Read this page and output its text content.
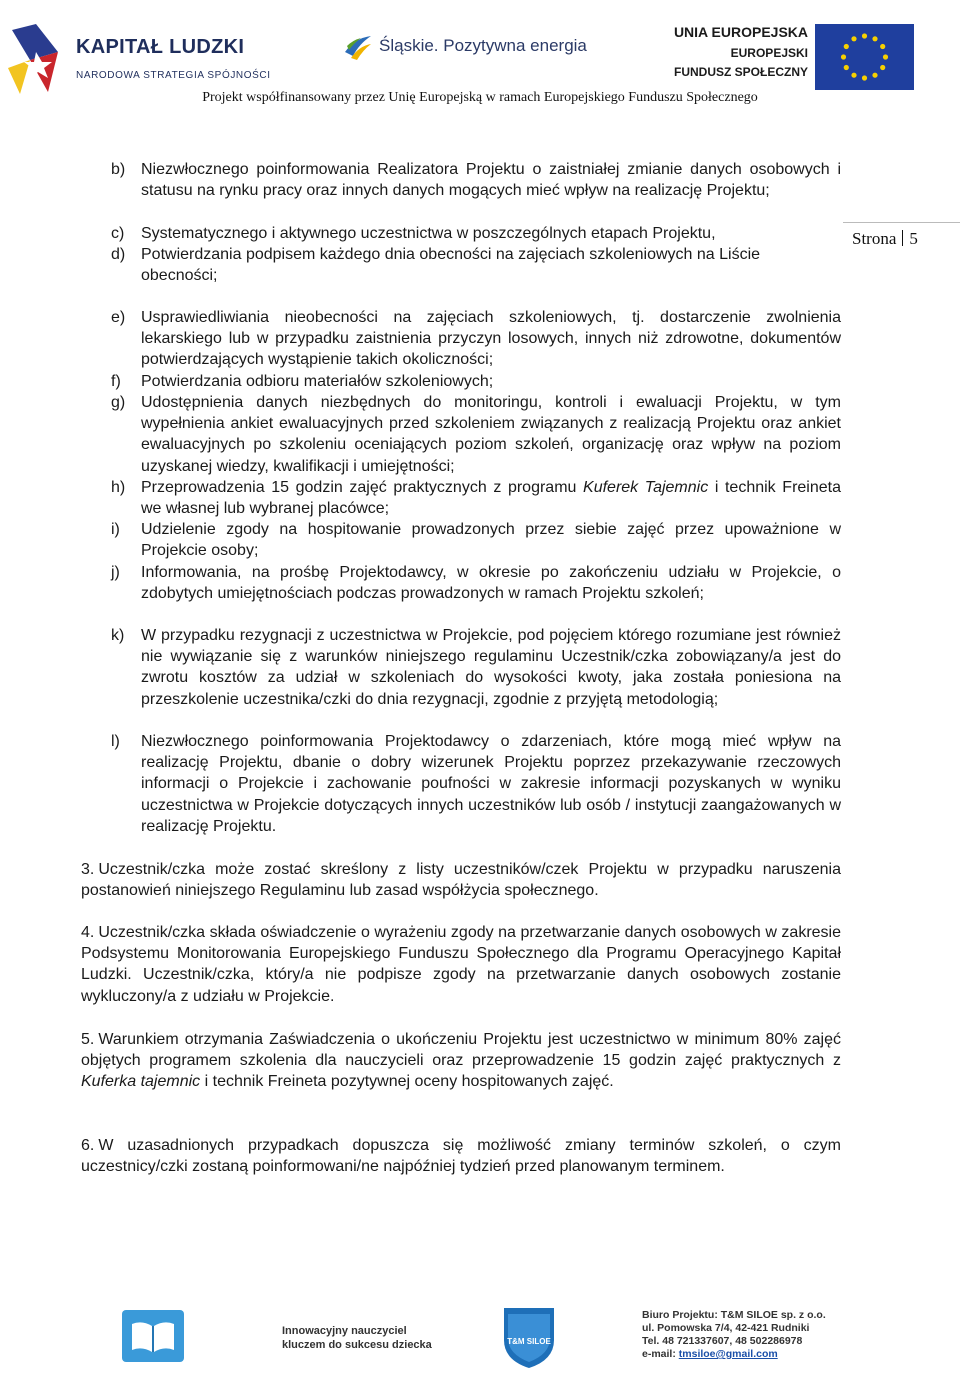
KAPITAŁ LUDZKI
NARODOWA STRATEGIA SPÓJNOŚCI
Śląskie. Pozytywna energia
UNIA EUROPEJSKA
EUROPEJSKI
FUNDUSZ SPOŁECZNY
Projekt współfinansowany przez Unię Europejską w ramach Europejskiego Funduszu Społecznego
Strona 5
b) Niezwłocznego poinformowania Realizatora Projektu o zaistniałej zmianie danych osobowych i statusu na rynku pracy oraz innych danych mogących mieć wpływ na realizację Projektu;
c) Systematycznego i aktywnego uczestnictwa w poszczególnych etapach Projektu,
d) Potwierdzania podpisem każdego dnia obecności na zajęciach szkoleniowych na Liście obecności;
e) Usprawiedliwiania nieobecności na zajęciach szkoleniowych, tj. dostarczenie zwolnienia lekarskiego lub w przypadku zaistnienia przyczyn losowych, innych niż zdrowotne, dokumentów potwierdzających wystąpienie takich okoliczności;
f) Potwierdzania odbioru materiałów szkoleniowych;
g) Udostępnienia danych niezbędnych do monitoringu, kontroli i ewaluacji Projektu, w tym wypełnienia ankiet ewaluacyjnych przed szkoleniem związanych z realizacją Projektu oraz ankiet ewaluacyjnych po szkoleniu oceniających poziom szkoleń, organizację oraz wpływ na poziom uzyskanej wiedzy, kwalifikacji i umiejętności;
h) Przeprowadzenia 15 godzin zajęć praktycznych z programu Kuferek Tajemnic i technik Freineta we własnej lub wybranej placówce;
i) Udzielenie zgody na hospitowanie prowadzonych przez siebie zajęć przez upoważnione w Projekcie osoby;
j) Informowania, na prośbę Projektodawcy, w okresie po zakończeniu udziału w Projekcie, o zdobytych umiejętnościach podczas prowadzonych w ramach Projektu szkoleń;
k) W przypadku rezygnacji z uczestnictwa w Projekcie, pod pojęciem którego rozumiane jest również nie wywiązanie się z warunków niniejszego regulaminu Uczestnik/czka zobowiązany/a jest do zwrotu kosztów za udział w szkoleniach do wysokości kwoty, jaka została poniesiona na przeszkolenie uczestnika/czki do dnia rezygnacji, zgodnie z przyjętą metodologią;
l) Niezwłocznego poinformowania Projektodawcy o zdarzeniach, które mogą mieć wpływ na realizację Projektu, dbanie o dobry wizerunek Projektu poprzez przekazywanie rzeczowych informacji o Projekcie i zachowanie poufności w zakresie informacji pozyskanych w wyniku uczestnictwa w Projekcie dotyczących innych uczestników lub osób / instytucji zaangażowanych w realizację Projektu.
3. Uczestnik/czka może zostać skreślony z listy uczestników/czek Projektu w przypadku naruszenia postanowień niniejszego Regulaminu lub zasad współżycia społecznego.
4. Uczestnik/czka składa oświadczenie o wyrażeniu zgody na przetwarzanie danych osobowych w zakresie Podsystemu Monitorowania Europejskiego Funduszu Społecznego dla Programu Operacyjnego Kapitał Ludzki. Uczestnik/czka, który/a nie podpisze zgody na przetwarzanie danych osobowych zostanie wykluczony/a z udziału w Projekcie.
5. Warunkiem otrzymania Zaświadczenia o ukończeniu Projektu jest uczestnictwo w minimum 80% zajęć objętych programem szkolenia dla nauczycieli oraz przeprowadzenie 15 godzin zajęć praktycznych z Kuferka tajemnic i technik Freineta pozytywnej oceny hospitowanych zajęć.
6. W uzasadnionych przypadkach dopuszcza się możliwość zmiany terminów szkoleń, o czym uczestnicy/czki zostaną poinformowani/ne najpóźniej tydzień przed planowanym terminem.
Innowacyjny nauczyciel
kluczem do sukcesu dziecka	T&M SILOE
Biuro Projektu: T&M SILOE sp. z o.o.
ul. Pomowska 7/4, 42-421 Rudniki
Tel. 48 721337607, 48 502286978
e-mail: tmsiloe@gmail.com
